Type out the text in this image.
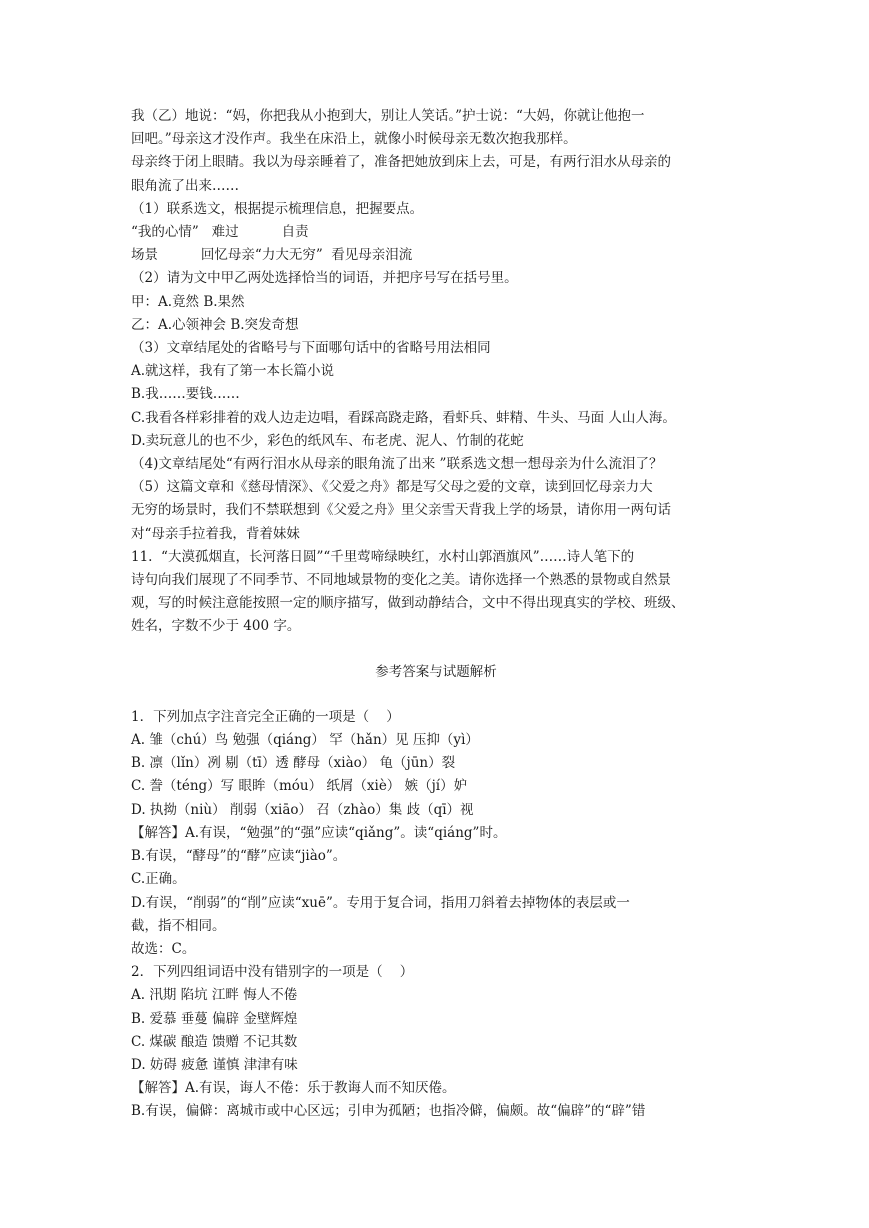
我（乙）地说：“妈，你把我从小抱到大，别让人笑话。”护士说：“大妈，你就让他抱一
回吧。”母亲这才没作声。我坐在床沿上，就像小时候母亲无数次抱我那样。
母亲终于闭上眼睛。我以为母亲睡着了，准备把她放到床上去，可是，有两行泪水从母亲的
眼角流了出来……
（1）联系选文，根据提示梳理信息，把握要点。
“我的心情”   难过          自责
场景          回忆母亲“力大无穷”  看见母亲泪流
（2）请为文中甲乙两处选择恰当的词语，并把序号写在括号里。
甲：A.竟然 B.果然
乙：A.心领神会 B.突发奇想
（3）文章结尾处的省略号与下面哪句话中的省略号用法相同
A.就这样，我有了第一本长篇小说
B.我……要钱……
C.我看各样彩排着的戏人边走边唱，看踩高跷走路，看虾兵、蚌精、牛头、马面 人山人海。
D.卖玩意儿的也不少，彩色的纸风车、布老虎、泥人、竹制的花蛇
（4)文章结尾处“有两行泪水从母亲的眼角流了出来 ”联系选文想一想母亲为什么流泪了？
（5）这篇文章和《慈母情深》、《父爱之舟》都是写父母之爱的文章，读到回忆母亲力大
无穷的场景时，我们不禁联想到《父爱之舟》里父亲雪天背我上学的场景，请你用一两句话
对“母亲手拉着我，背着妹妹
11.  “大漠孤烟直，长河落日圆”“千里莺啼绿映红，水村山郭酒旗风”……诗人笔下的
诗句向我们展现了不同季节、不同地域景物的变化之美。请你选择一个熟悉的景物或自然景
观，写的时候注意能按照一定的顺序描写，做到动静结合，文中不得出现真实的学校、班级、
姓名，字数不少于 400 字。
参考答案与试题解析
1．下列加点字注音完全正确的一项是（    ）
A. 雏（chú）鸟 勉强（qiáng） 罕（hǎn）见 压抑（yì）
B. 凛（lǐn）冽 剔（tī）透 酵母（xiào） 龟（jūn）裂
C. 誊（téng）写 眼眸（móu） 纸屑（xiè） 嫉（jí）妒
D. 执拗（niù） 削弱（xiāo） 召（zhào）集 歧（qī）视
【解答】A.有误，“勉强”的“强”应读“qiǎng”。读“qiáng”时。
B.有误，“酵母”的“酵”应读“jiào”。
C.正确。
D.有误，“削弱”的“削”应读“xuē”。专用于复合词，指用刀斜着去掉物体的表层或一
截，指不相同。
故选：C。
2．下列四组词语中没有错别字的一项是（    ）
A. 汛期 陷坑 江畔 悔人不倦
B. 爱慕 垂蔓 偏辟 金壁辉煌
C. 煤碳 酿造 馈赠 不记其数
D. 妨碍 疲惫 谨慎 津津有味
【解答】A.有误，诲人不倦：乐于教诲人而不知厌倦。
B.有误，偏僻：离城市或中心区远；引申为孤陋；也指冷僻，偏颇。故“偏辟”的“辟”错
